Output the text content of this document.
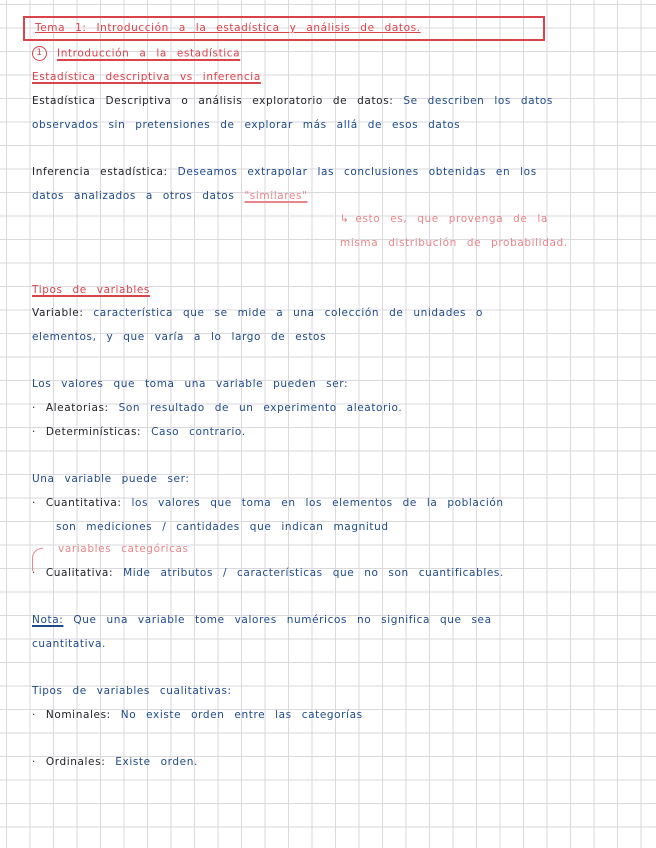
Tema 1: Introducción a la estadística y análisis de datos.
1 Introducción a la estadística
Estadística descriptiva vs inferencia
Estadística Descriptiva o análisis exploratorio de datos: Se describen los datos
observados sin pretensiones de explorar más allá de esos datos
Inferencia estadística: Deseamos extrapolar las conclusiones obtenidas en los
datos analizados a otros datos "similares"
↳ esto es, que provenga de la
misma distribución de probabilidad.
Tipos de variables
Variable: característica que se mide a una colección de unidades o
elementos, y que varía a lo largo de estos
Los valores que toma una variable pueden ser:
· Aleatorias: Son resultado de un experimento aleatorio.
· Determinísticas: Caso contrario.
Una variable puede ser:
· Cuantitativa: los valores que toma en los elementos de la población
son mediciones / cantidades que indican magnitud
variables categóricas
· Cualitativa: Mide atributos / características que no son cuantificables.
Nota: Que una variable tome valores numéricos no significa que sea
cuantitativa.
Tipos de variables cualitativas:
· Nominales: No existe orden entre las categorías
· Ordinales: Existe orden.
